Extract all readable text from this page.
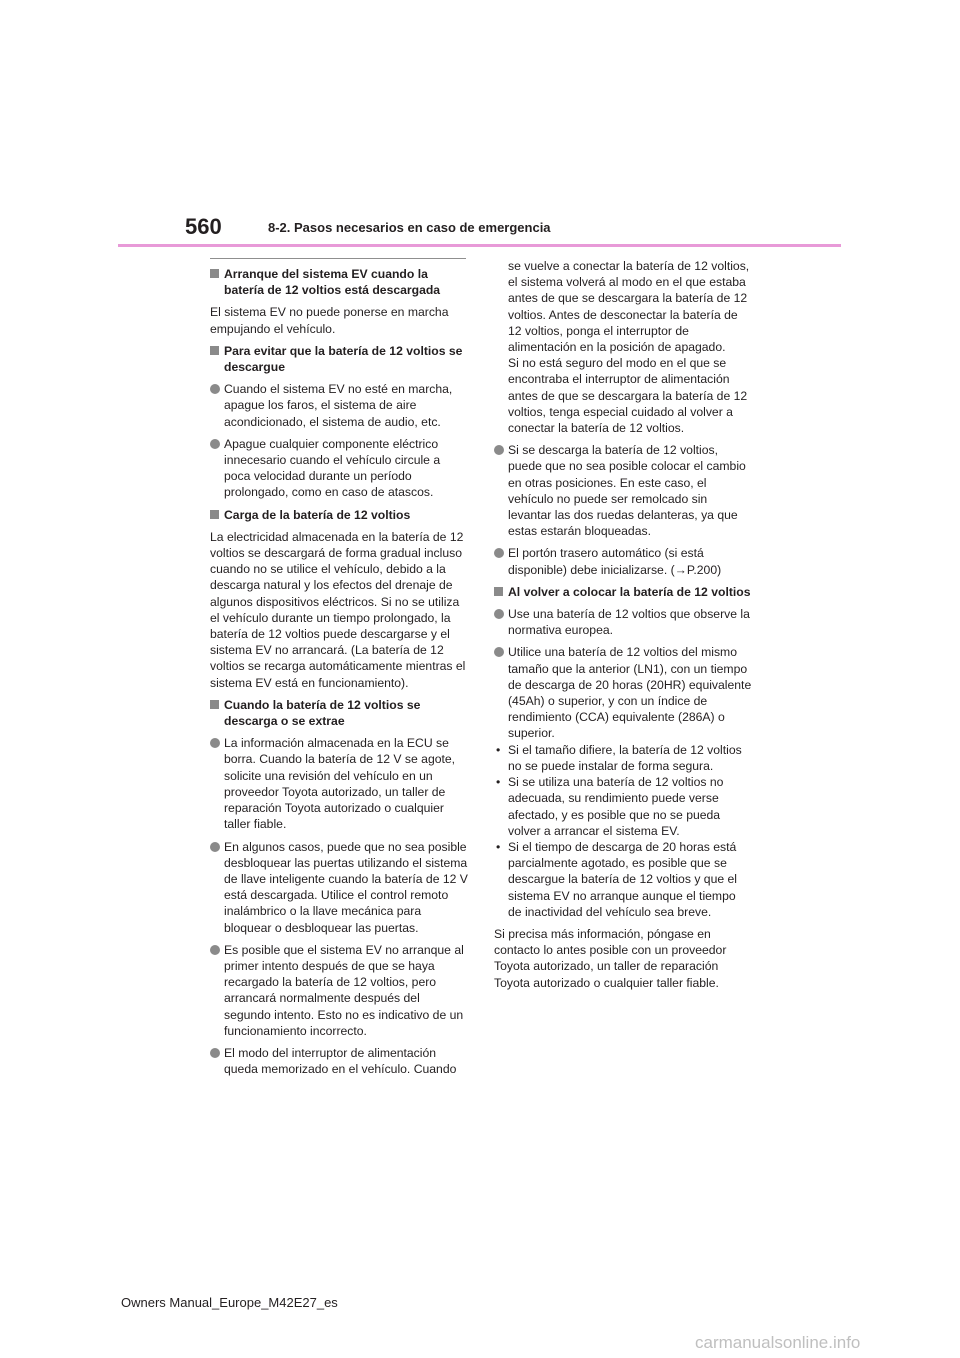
560	8-2. Pasos necesarios en caso de emergencia
Arranque del sistema EV cuando la batería de 12 voltios está descargada

El sistema EV no puede ponerse en marcha empujando el vehículo.

Para evitar que la batería de 12 voltios se descargue
Cuando el sistema EV no esté en marcha, apague los faros, el sistema de aire acondicionado, el sistema de audio, etc.
Apague cualquier componente eléctrico innecesario cuando el vehículo circule a poca velocidad durante un período prolongado, como en caso de atascos.
Carga de la batería de 12 voltios

La electricidad almacenada en la batería de 12 voltios se descargará de forma gradual incluso cuando no se utilice el vehículo, debido a la descarga natural y los efectos del drenaje de algunos dispositivos eléctricos. Si no se utiliza el vehículo durante un tiempo prolongado, la batería de 12 voltios puede descargarse y el sistema EV no arrancará. (La batería de 12 voltios se recarga automáticamente mientras el sistema EV está en funcionamiento).

Cuando la batería de 12 voltios se descarga o se extrae
La información almacenada en la ECU se borra. Cuando la batería de 12 V se agote, solicite una revisión del vehículo en un proveedor Toyota autorizado, un taller de reparación Toyota autorizado o cualquier taller fiable.
En algunos casos, puede que no sea posible desbloquear las puertas utilizando el sistema de llave inteligente cuando la batería de 12 V está descargada. Utilice el control remoto inalámbrico o la llave mecánica para bloquear o desbloquear las puertas.
Es posible que el sistema EV no arranque al primer intento después de que se haya recargado la batería de 12 voltios, pero arrancará normalmente después del segundo intento. Esto no es indicativo de un funcionamiento incorrecto.
El modo del interruptor de alimentación queda memorizado en el vehículo. Cuando

se vuelve a conectar la batería de 12 voltios, el sistema volverá al modo en el que estaba antes de que se descargara la batería de 12 voltios. Antes de desconectar la batería de 12 voltios, ponga el interruptor de alimentación en la posición de apagado.

Si no está seguro del modo en el que se encontraba el interruptor de alimentación antes de que se descargara la batería de 12 voltios, tenga especial cuidado al volver a conectar la batería de 12 voltios.

Si se descarga la batería de 12 voltios, puede que no sea posible colocar el cambio en otras posiciones. En este caso, el vehículo no puede ser remolcado sin levantar las dos ruedas delanteras, ya que estas estarán bloqueadas.
El portón trasero automático (si está disponible) debe inicializarse. (→P.200)
Al volver a colocar la batería de 12 voltios
Use una batería de 12 voltios que observe la normativa europea.
Utilice una batería de 12 voltios del mismo tamaño que la anterior (LN1), con un tiempo de descarga de 20 horas (20HR) equivalente (45Ah) o superior, y con un índice de rendimiento (CCA) equivalente (286A) o superior.
• Si el tamaño difiere, la batería de 12 voltios no se puede instalar de forma segura.
• Si se utiliza una batería de 12 voltios no adecuada, su rendimiento puede verse afectado, y es posible que no se pueda volver a arrancar el sistema EV.
• Si el tiempo de descarga de 20 horas está parcialmente agotado, es posible que se descargue la batería de 12 voltios y que el sistema EV no arranque aunque el tiempo de inactividad del vehículo sea breve.

Si precisa más información, póngase en contacto lo antes posible con un proveedor Toyota autorizado, un taller de reparación Toyota autorizado o cualquier taller fiable.

Owners Manual_Europe_M42E27_es
carmanualsonline.info
